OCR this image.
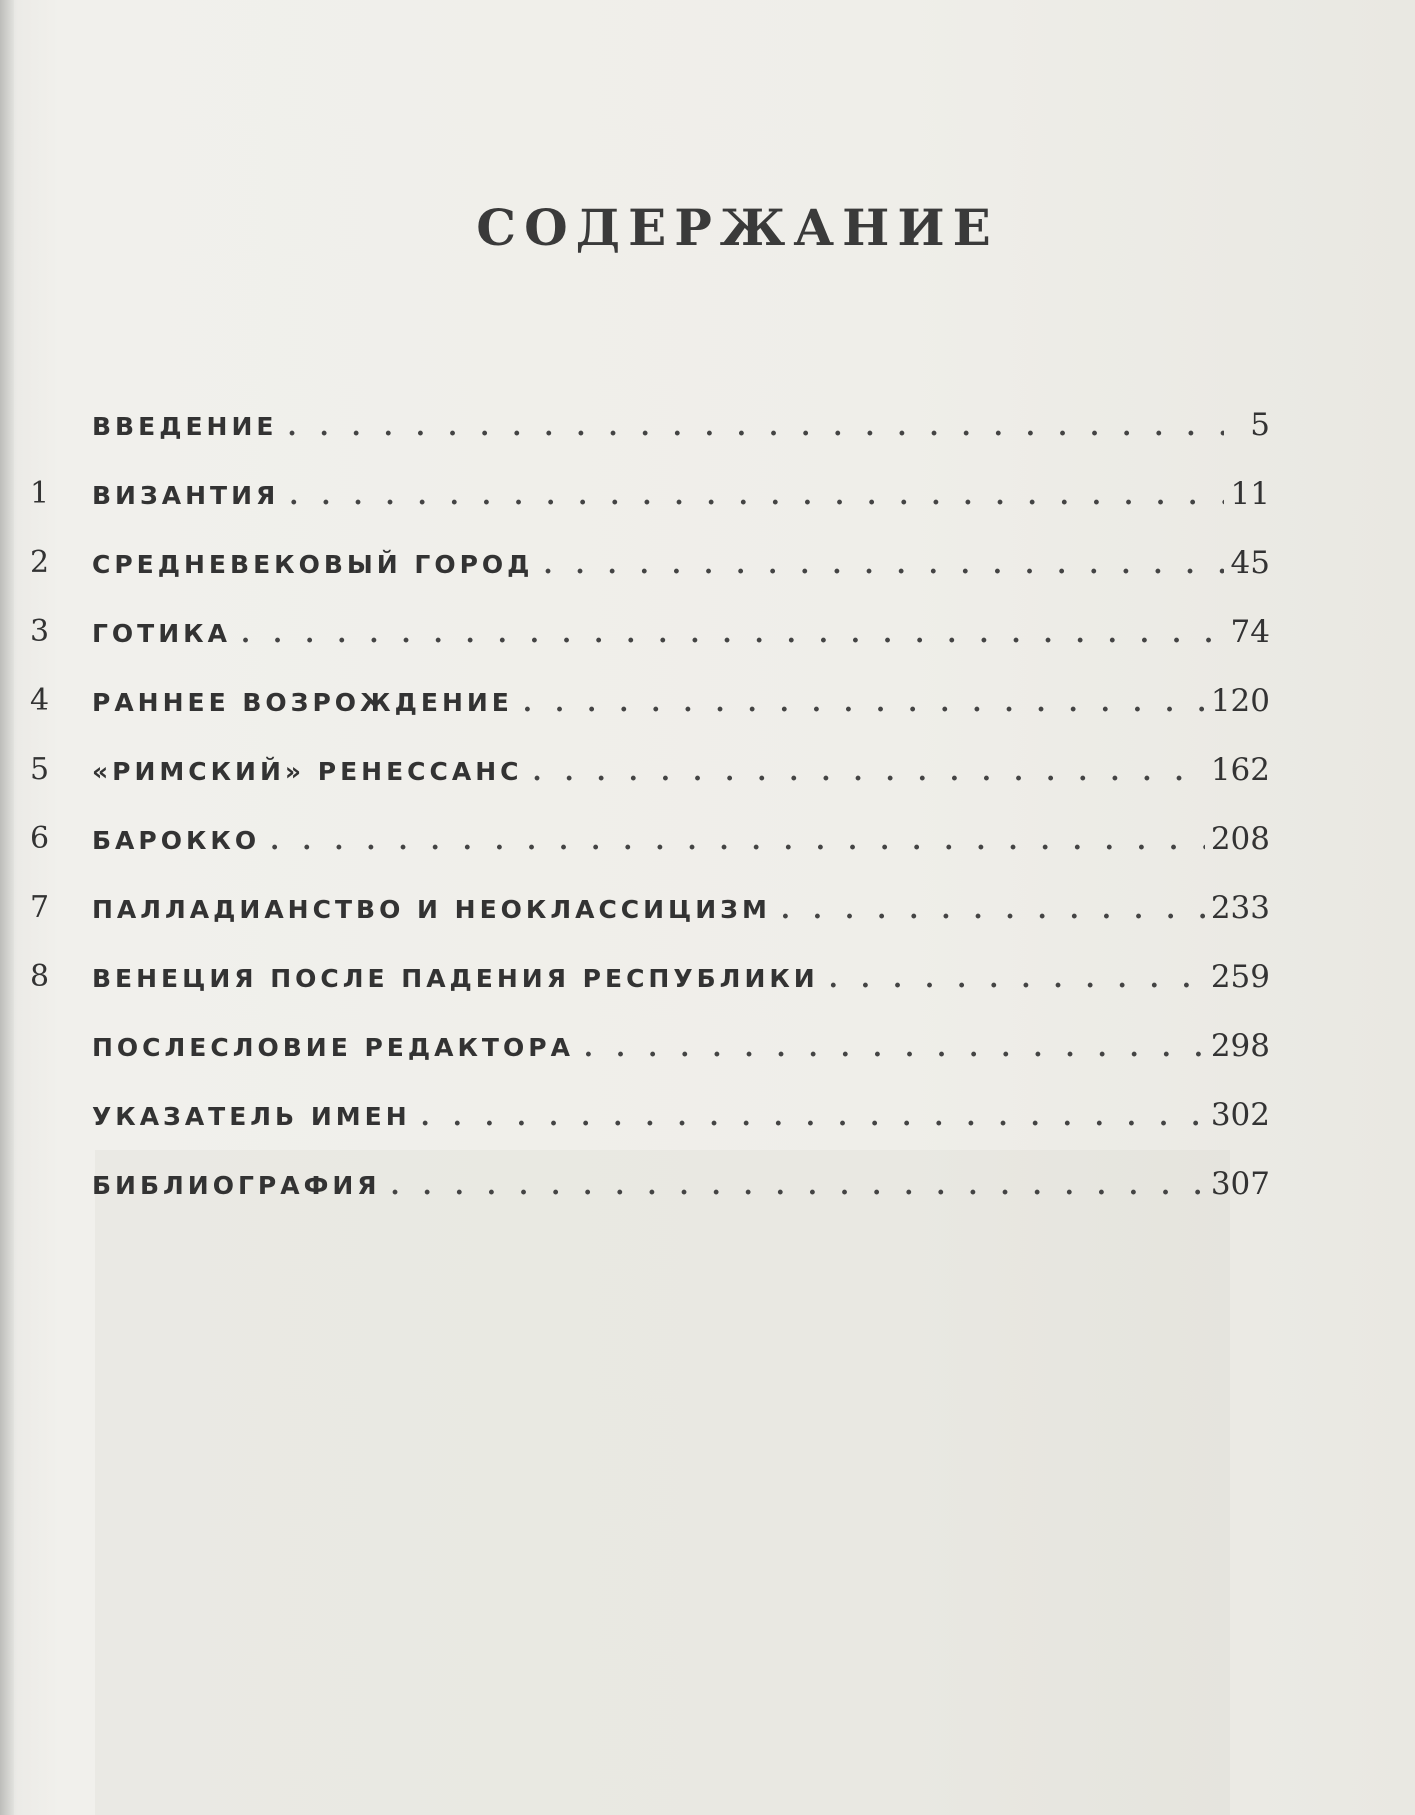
СОДЕРЖАНИЕ
ВВЕДЕНИЕ . . .	5
1	ВИЗАНТИЯ . . .	11
2	СРЕДНЕВЕКОВЫЙ ГОРОД . . .	45
3	ГОТИКА . . .	74
4	РАННЕЕ ВОЗРОЖДЕНИЕ . . .	120
5	«РИМСКИЙ» РЕНЕССАНС . . .	162
6	БАРОККО . . .	208
7	ПАЛЛАДИАНСТВО И НЕОКЛАССИЦИЗМ . . .	233
8	ВЕНЕЦИЯ ПОСЛЕ ПАДЕНИЯ РЕСПУБЛИКИ . . .	259
ПОСЛЕСЛОВИЕ РЕДАКТОРА . . .	298
УКАЗАТЕЛЬ ИМЕН . . .	302
БИБЛИОГРАФИЯ . . .	307
